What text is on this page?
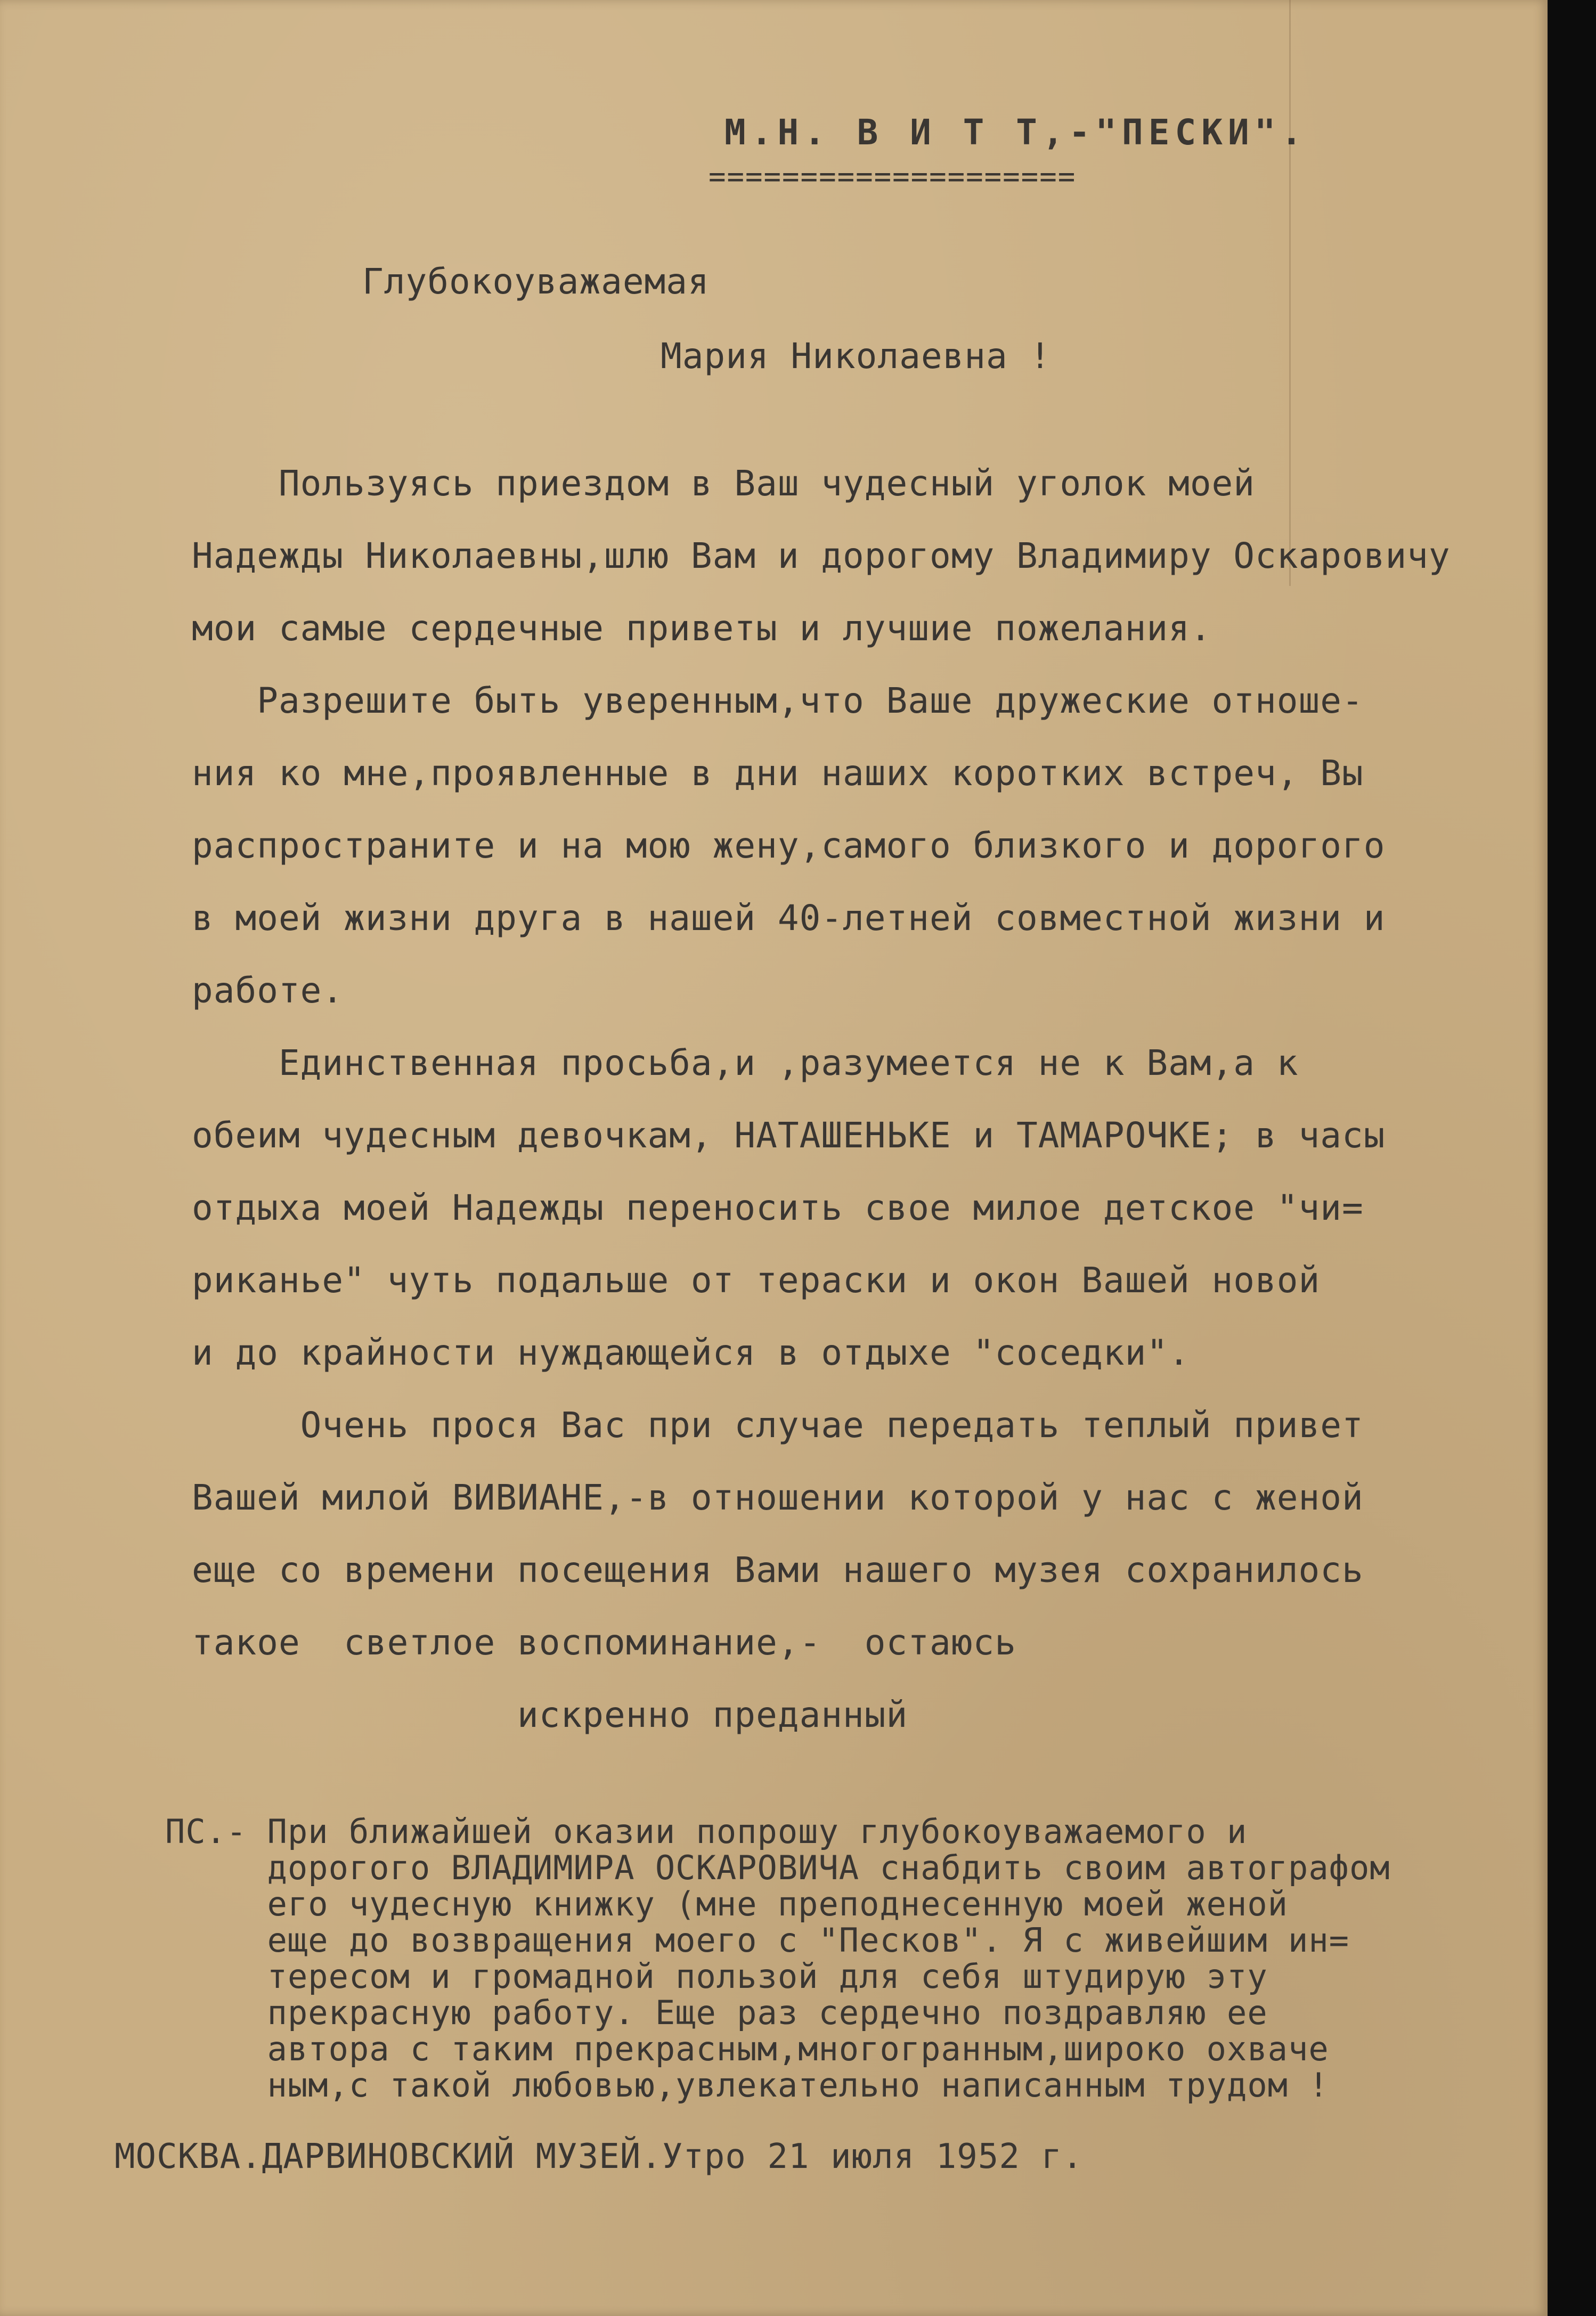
М.Н. В И Т Т,-"ПЕСКИ".
====================
Глубокоуважаемая
Мария Николаевна !
Пользуясь приездом в Ваш чудесный уголок моей
Надежды Николаевны,шлю Вам и дорогому Владимиру Оскаровичу
мои самые сердечные приветы и лучшие пожелания.
Разрешите быть уверенным,что Ваше дружеские отноше-
ния ко мне,проявленные в дни наших коротких встреч, Вы
распространите и на мою жену,самого близкого и дорогого
в моей жизни друга в нашей 40-летней совместной жизни и
работе.
Единственная просьба,и ,разумеется не к Вам,а к
обеим чудесным девочкам, НАТАШЕНЬКЕ и ТАМАРОЧКЕ; в часы
отдыха моей Надежды переносить свое милое детское "чи=
риканье" чуть подальше от тераски и окон Вашей новой
и до крайности нуждающейся в отдыхе "соседки".
Очень прося Вас при случае передать теплый привет
Вашей милой ВИВИАНЕ,-в отношении которой у нас с женой
еще со времени посещения Вами нашего музея сохранилось
такое  светлое воспоминание,-  остаюсь
искренно преданный
ПС.- При ближайшей оказии попрошу глубокоуважаемого и
дорогого ВЛАДИМИРА ОСКАРОВИЧА снабдить своим автографом
его чудесную книжку (мне преподнесенную моей женой
еще до возвращения моего с "Песков". Я с живейшим ин=
тересом и громадной пользой для себя штудирую эту
прекрасную работу. Еще раз сердечно поздравляю ее
автора с таким прекрасным,многогранным,широко охваче
ным,с такой любовью,увлекательно написанным трудом !
МОСКВА.ДАРВИНОВСКИЙ МУЗЕЙ.Утро 21 июля 1952 г.
